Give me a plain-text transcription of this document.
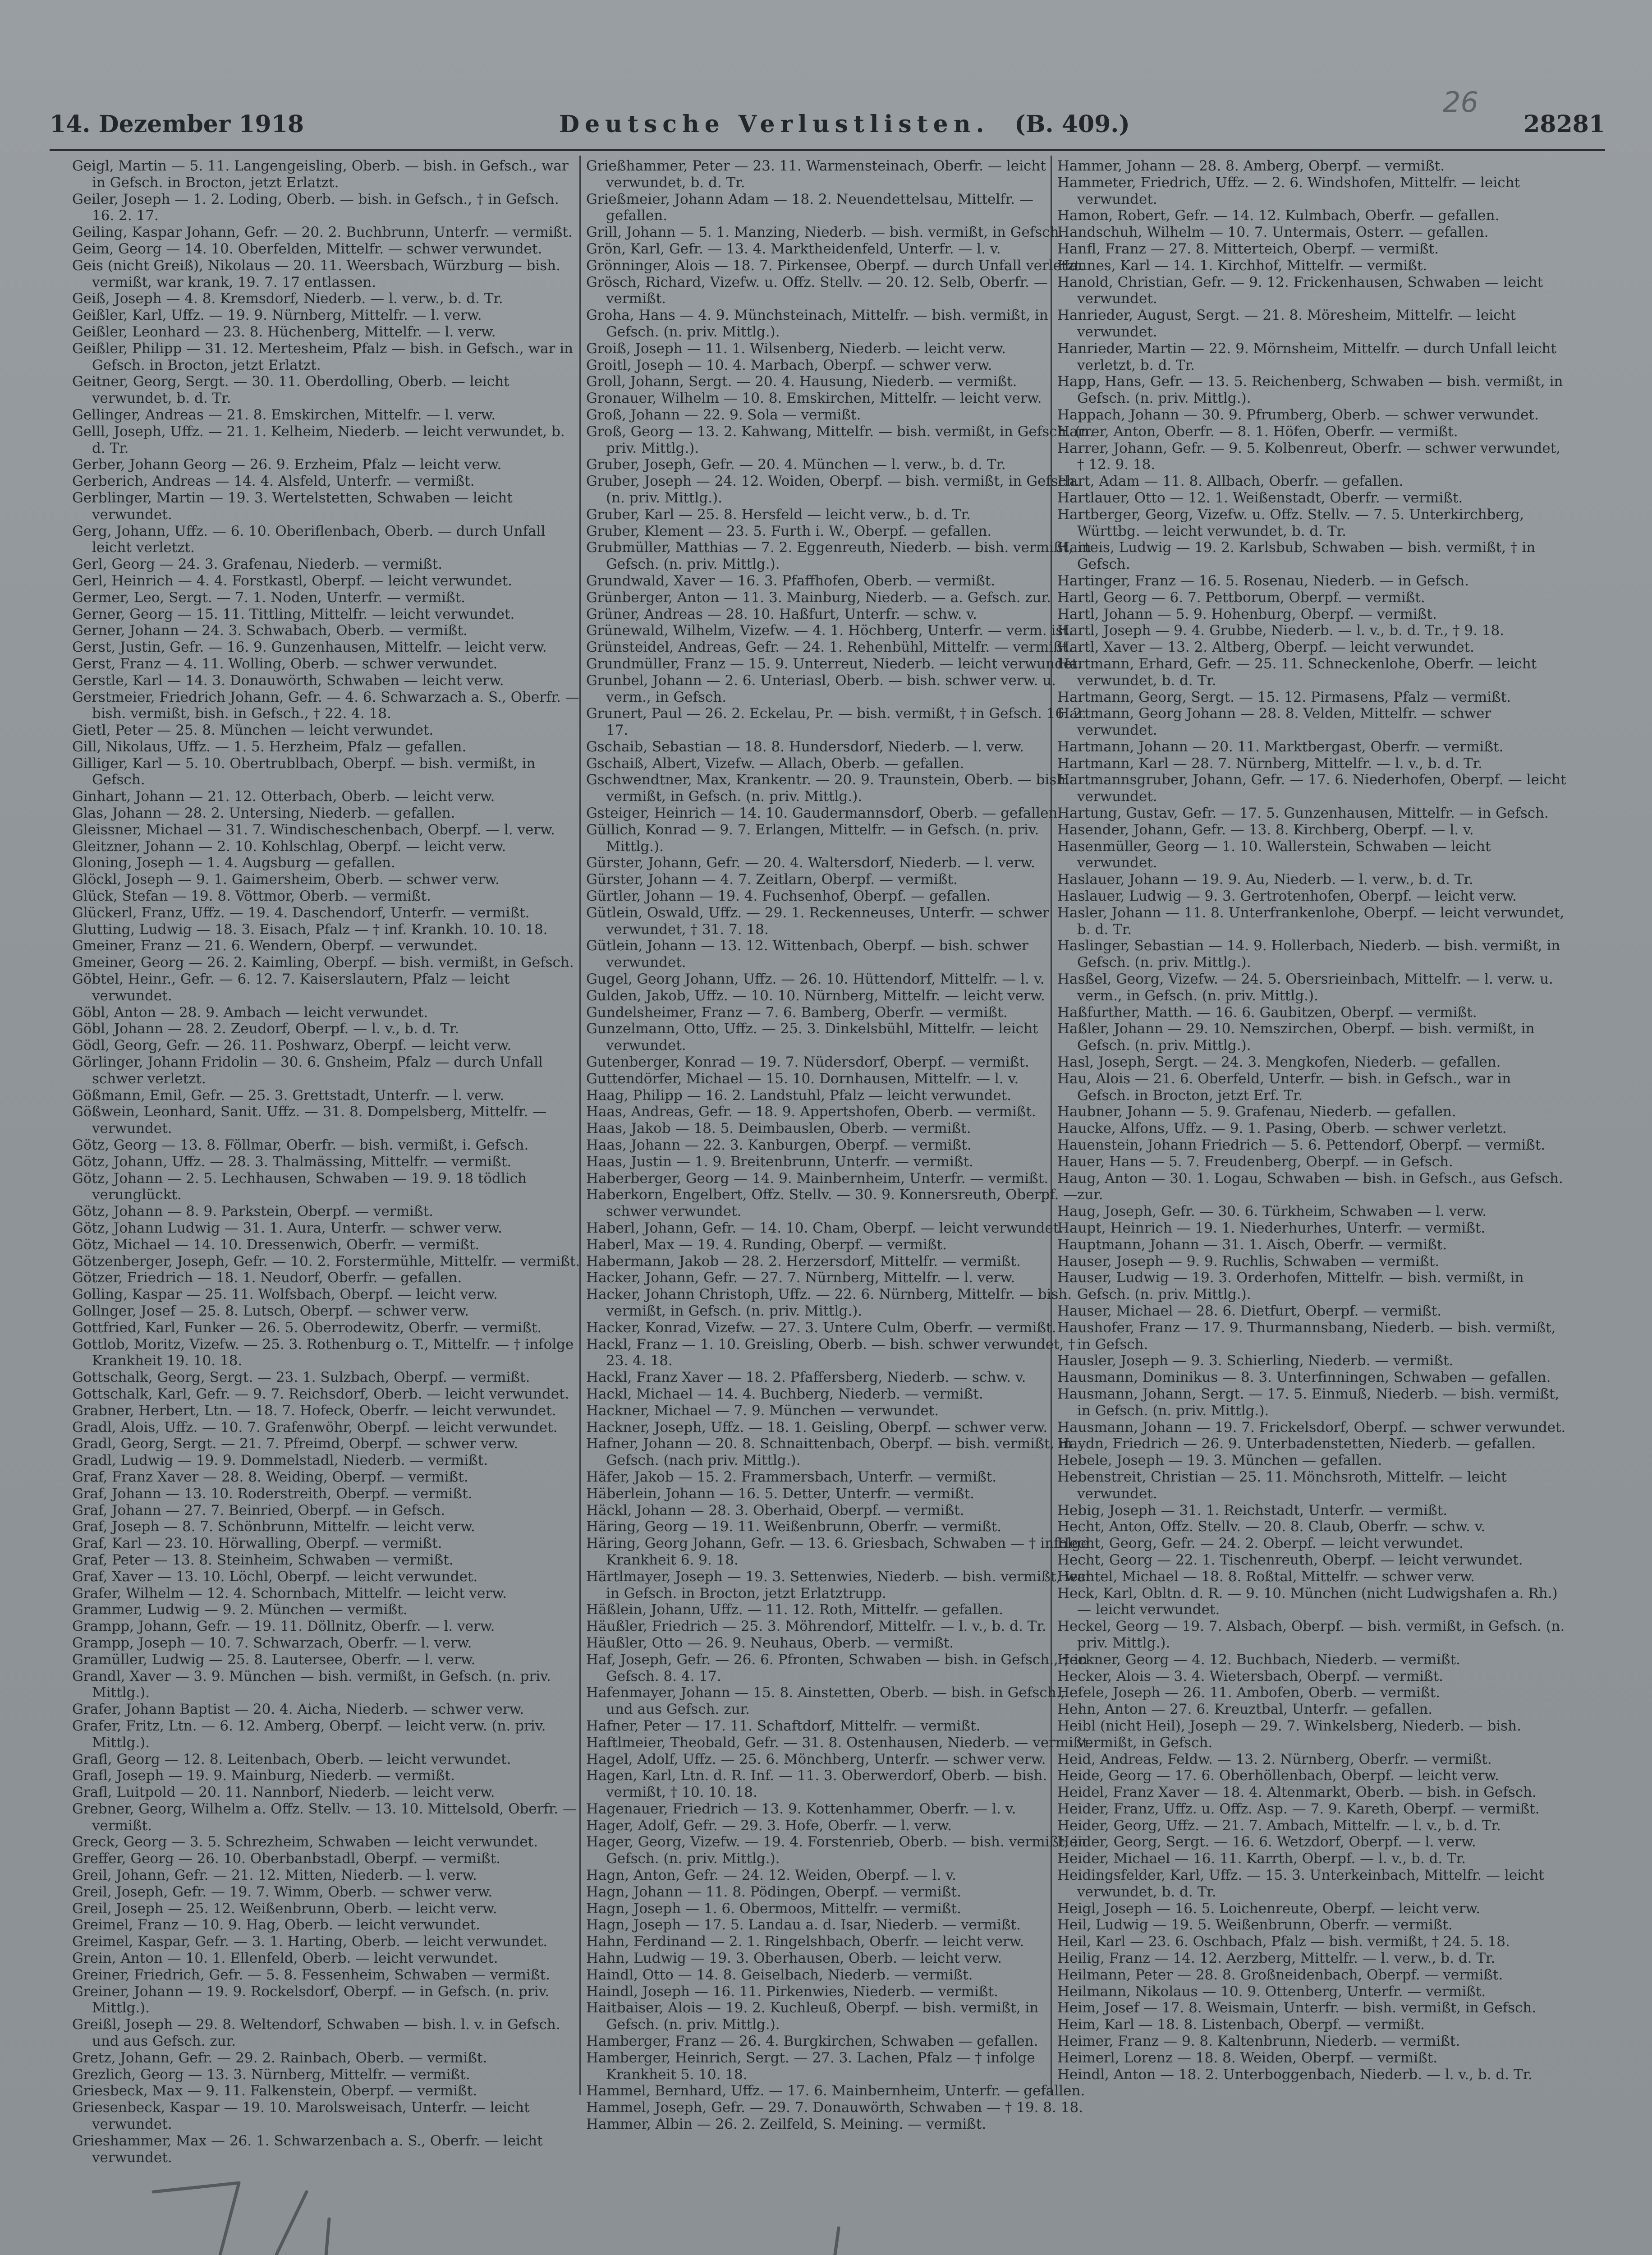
14. Dezember 1918	Deutsche Verlustlisten. (B. 409.)
26
28281

Geigl, Martin — 5. 11. Langengeisling, Oberb. — bish. in Gefsch., war in Gefsch. in Brocton, jetzt Erlatzt.

Geiler, Joseph — 1. 2. Loding, Oberb. — bish. in Gefsch., † in Gefsch. 16. 2. 17.

Geiling, Kaspar Johann, Gefr. — 20. 2. Buchbrunn, Unterfr. — vermißt.

Geim, Georg — 14. 10. Oberfelden, Mittelfr. — schwer verwundet.

Geis (nicht Greiß), Nikolaus — 20. 11. Weersbach, Würzburg — bish. vermißt, war krank, 19. 7. 17 entlassen.

Geiß, Joseph — 4. 8. Kremsdorf, Niederb. — l. verw., b. d. Tr.

Geißler, Karl, Uffz. — 19. 9. Nürnberg, Mittelfr. — l. verw.

Geißler, Leonhard — 23. 8. Hüchenberg, Mittelfr. — l. verw.

Geißler, Philipp — 31. 12. Mertesheim, Pfalz — bish. in Gefsch., war in Gefsch. in Brocton, jetzt Erlatzt.

Geitner, Georg, Sergt. — 30. 11. Oberdolling, Oberb. — leicht verwundet, b. d. Tr.

Gellinger, Andreas — 21. 8. Emskirchen, Mittelfr. — l. verw.

Gelll, Joseph, Uffz. — 21. 1. Kelheim, Niederb. — leicht verwundet, b. d. Tr.

Gerber, Johann Georg — 26. 9. Erzheim, Pfalz — leicht verw.

Gerberich, Andreas — 14. 4. Alsfeld, Unterfr. — vermißt.

Gerblinger, Martin — 19. 3. Wertelstetten, Schwaben — leicht verwundet.

Gerg, Johann, Uffz. — 6. 10. Oberiflenbach, Oberb. — durch Unfall leicht verletzt.

Gerl, Georg — 24. 3. Grafenau, Niederb. — vermißt.

Gerl, Heinrich — 4. 4. Forstkastl, Oberpf. — leicht verwundet.

Germer, Leo, Sergt. — 7. 1. Noden, Unterfr. — vermißt.

Gerner, Georg — 15. 11. Tittling, Mittelfr. — leicht verwundet.

Gerner, Johann — 24. 3. Schwabach, Oberb. — vermißt.

Gerst, Justin, Gefr. — 16. 9. Gunzenhausen, Mittelfr. — leicht verw.

Gerst, Franz — 4. 11. Wolling, Oberb. — schwer verwundet.

Gerstle, Karl — 14. 3. Donauwörth, Schwaben — leicht verw.

Gerstmeier, Friedrich Johann, Gefr. — 4. 6. Schwarzach a. S., Oberfr. — bish. vermißt, bish. in Gefsch., † 22. 4. 18.

Gietl, Peter — 25. 8. München — leicht verwundet.

Gill, Nikolaus, Uffz. — 1. 5. Herzheim, Pfalz — gefallen.

Gilliger, Karl — 5. 10. Obertrublbach, Oberpf. — bish. vermißt, in Gefsch.

Ginhart, Johann — 21. 12. Otterbach, Oberb. — leicht verw.

Glas, Johann — 28. 2. Untersing, Niederb. — gefallen.

Gleissner, Michael — 31. 7. Windischeschenbach, Oberpf. — l. verw.

Gleitzner, Johann — 2. 10. Kohlschlag, Oberpf. — leicht verw.

Gloning, Joseph — 1. 4. Augsburg — gefallen.

Glöckl, Joseph — 9. 1. Gaimersheim, Oberb. — schwer verw.

Glück, Stefan — 19. 8. Vöttmor, Oberb. — vermißt.

Glückerl, Franz, Uffz. — 19. 4. Daschendorf, Unterfr. — vermißt.

Glutting, Ludwig — 18. 3. Eisach, Pfalz — † inf. Krankh. 10. 10. 18.

Gmeiner, Franz — 21. 6. Wendern, Oberpf. — verwundet.

Gmeiner, Georg — 26. 2. Kaimling, Oberpf. — bish. vermißt, in Gefsch.

Göbtel, Heinr., Gefr. — 6. 12. 7. Kaiserslautern, Pfalz — leicht verwundet.

Göbl, Anton — 28. 9. Ambach — leicht verwundet.

Göbl, Johann — 28. 2. Zeudorf, Oberpf. — l. v., b. d. Tr.

Gödl, Georg, Gefr. — 26. 11. Poshwarz, Oberpf. — leicht verw.

Görlinger, Johann Fridolin — 30. 6. Gnsheim, Pfalz — durch Unfall schwer verletzt.

Gößmann, Emil, Gefr. — 25. 3. Grettstadt, Unterfr. — l. verw.

Gößwein, Leonhard, Sanit. Uffz. — 31. 8. Dompelsberg, Mittelfr. — verwundet.

Götz, Georg — 13. 8. Föllmar, Oberfr. — bish. vermißt, i. Gefsch.

Götz, Johann, Uffz. — 28. 3. Thalmässing, Mittelfr. — vermißt.

Götz, Johann — 2. 5. Lechhausen, Schwaben — 19. 9. 18 tödlich verunglückt.

Götz, Johann — 8. 9. Parkstein, Oberpf. — vermißt.

Götz, Johann Ludwig — 31. 1. Aura, Unterfr. — schwer verw.

Götz, Michael — 14. 10. Dressenwich, Oberfr. — vermißt.

Götzenberger, Joseph, Gefr. — 10. 2. Forstermühle, Mittelfr. — vermißt.

Götzer, Friedrich — 18. 1. Neudorf, Oberfr. — gefallen.

Golling, Kaspar — 25. 11. Wolfsbach, Oberpf. — leicht verw.

Gollnger, Josef — 25. 8. Lutsch, Oberpf. — schwer verw.

Gottfried, Karl, Funker — 26. 5. Oberrodewitz, Oberfr. — vermißt.

Gottlob, Moritz, Vizefw. — 25. 3. Rothenburg o. T., Mittelfr. — † infolge Krankheit 19. 10. 18.

Gottschalk, Georg, Sergt. — 23. 1. Sulzbach, Oberpf. — vermißt.

Gottschalk, Karl, Gefr. — 9. 7. Reichsdorf, Oberb. — leicht verwundet.

Grabner, Herbert, Ltn. — 18. 7. Hofeck, Oberfr. — leicht verwundet.

Gradl, Alois, Uffz. — 10. 7. Grafenwöhr, Oberpf. — leicht verwundet.

Gradl, Georg, Sergt. — 21. 7. Pfreimd, Oberpf. — schwer verw.

Gradl, Ludwig — 19. 9. Dommelstadl, Niederb. — vermißt.

Graf, Franz Xaver — 28. 8. Weiding, Oberpf. — vermißt.

Graf, Johann — 13. 10. Roderstreith, Oberpf. — vermißt.

Graf, Johann — 27. 7. Beinried, Oberpf. — in Gefsch.

Graf, Joseph — 8. 7. Schönbrunn, Mittelfr. — leicht verw.

Graf, Karl — 23. 10. Hörwalling, Oberpf. — vermißt.

Graf, Peter — 13. 8. Steinheim, Schwaben — vermißt.

Graf, Xaver — 13. 10. Löchl, Oberpf. — leicht verwundet.

Grafer, Wilhelm — 12. 4. Schornbach, Mittelfr. — leicht verw.

Grammer, Ludwig — 9. 2. München — vermißt.

Grampp, Johann, Gefr. — 19. 11. Döllnitz, Oberfr. — l. verw.

Grampp, Joseph — 10. 7. Schwarzach, Oberfr. — l. verw.

Gramüller, Ludwig — 25. 8. Lautersee, Oberfr. — l. verw.

Grandl, Xaver — 3. 9. München — bish. vermißt, in Gefsch. (n. priv. Mittlg.).

Grafer, Johann Baptist — 20. 4. Aicha, Niederb. — schwer verw.

Grafer, Fritz, Ltn. — 6. 12. Amberg, Oberpf. — leicht verw. (n. priv. Mittlg.).

Grafl, Georg — 12. 8. Leitenbach, Oberb. — leicht verwundet.

Grafl, Joseph — 19. 9. Mainburg, Niederb. — vermißt.

Grafl, Luitpold — 20. 11. Nannborf, Niederb. — leicht verw.

Grebner, Georg, Wilhelm a. Offz. Stellv. — 13. 10. Mittelsold, Oberfr. — vermißt.

Greck, Georg — 3. 5. Schrezheim, Schwaben — leicht verwundet.

Greffer, Georg — 26. 10. Oberbanbstadl, Oberpf. — vermißt.

Greil, Johann, Gefr. — 21. 12. Mitten, Niederb. — l. verw.

Greil, Joseph, Gefr. — 19. 7. Wimm, Oberb. — schwer verw.

Greil, Joseph — 25. 12. Weißenbrunn, Oberb. — leicht verw.

Greimel, Franz — 10. 9. Hag, Oberb. — leicht verwundet.

Greimel, Kaspar, Gefr. — 3. 1. Harting, Oberb. — leicht verwundet.

Grein, Anton — 10. 1. Ellenfeld, Oberb. — leicht verwundet.

Greiner, Friedrich, Gefr. — 5. 8. Fessenheim, Schwaben — vermißt.

Greiner, Johann — 19. 9. Rockelsdorf, Oberpf. — in Gefsch. (n. priv. Mittlg.).

Greißl, Joseph — 29. 8. Weltendorf, Schwaben — bish. l. v. in Gefsch. und aus Gefsch. zur.

Gretz, Johann, Gefr. — 29. 2. Rainbach, Oberb. — vermißt.

Grezlich, Georg — 13. 3. Nürnberg, Mittelfr. — vermißt.

Griesbeck, Max — 9. 11. Falkenstein, Oberpf. — vermißt.

Griesenbeck, Kaspar — 19. 10. Marolsweisach, Unterfr. — leicht verwundet.

Grieshammer, Max — 26. 1. Schwarzenbach a. S., Oberfr. — leicht verwundet.

Grießhammer, Peter — 23. 11. Warmensteinach, Oberfr. — leicht verwundet, b. d. Tr.

Grießmeier, Johann Adam — 18. 2. Neuendettelsau, Mittelfr. — gefallen.

Grill, Johann — 5. 1. Manzing, Niederb. — bish. vermißt, in Gefsch.

Grön, Karl, Gefr. — 13. 4. Marktheidenfeld, Unterfr. — l. v.

Grönninger, Alois — 18. 7. Pirkensee, Oberpf. — durch Unfall verletzt.

Grösch, Richard, Vizefw. u. Offz. Stellv. — 20. 12. Selb, Oberfr. — vermißt.

Groha, Hans — 4. 9. Münchsteinach, Mittelfr. — bish. vermißt, in Gefsch. (n. priv. Mittlg.).

Groiß, Joseph — 11. 1. Wilsenberg, Niederb. — leicht verw.

Groitl, Joseph — 10. 4. Marbach, Oberpf. — schwer verw.

Groll, Johann, Sergt. — 20. 4. Hausung, Niederb. — vermißt.

Gronauer, Wilhelm — 10. 8. Emskirchen, Mittelfr. — leicht verw.

Groß, Johann — 22. 9. Sola — vermißt.

Groß, Georg — 13. 2. Kahwang, Mittelfr. — bish. vermißt, in Gefsch. (n. priv. Mittlg.).

Gruber, Joseph, Gefr. — 20. 4. München — l. verw., b. d. Tr.

Gruber, Joseph — 24. 12. Woiden, Oberpf. — bish. vermißt, in Gefsch. (n. priv. Mittlg.).

Gruber, Karl — 25. 8. Hersfeld — leicht verw., b. d. Tr.

Gruber, Klement — 23. 5. Furth i. W., Oberpf. — gefallen.

Grubmüller, Matthias — 7. 2. Eggenreuth, Niederb. — bish. vermißt, in Gefsch. (n. priv. Mittlg.).

Grundwald, Xaver — 16. 3. Pfaffhofen, Oberb. — vermißt.

Grünberger, Anton — 11. 3. Mainburg, Niederb. — a. Gefsch. zur.

Grüner, Andreas — 28. 10. Haßfurt, Unterfr. — schw. v.

Grünewald, Wilhelm, Vizefw. — 4. 1. Höchberg, Unterfr. — verm. ist.

Grünsteidel, Andreas, Gefr. — 24. 1. Rehenbühl, Mittelfr. — vermißt.

Grundmüller, Franz — 15. 9. Unterreut, Niederb. — leicht verwundet.

Grunbel, Johann — 2. 6. Unteriasl, Oberb. — bish. schwer verw. u. verm., in Gefsch.

Grunert, Paul — 26. 2. Eckelau, Pr. — bish. vermißt, † in Gefsch. 16. 2. 17.

Gschaib, Sebastian — 18. 8. Hundersdorf, Niederb. — l. verw.

Gschaiß, Albert, Vizefw. — Allach, Oberb. — gefallen.

Gschwendtner, Max, Krankentr. — 20. 9. Traunstein, Oberb. — bish. vermißt, in Gefsch. (n. priv. Mittlg.).

Gsteiger, Heinrich — 14. 10. Gaudermannsdorf, Oberb. — gefallen.

Güllich, Konrad — 9. 7. Erlangen, Mittelfr. — in Gefsch. (n. priv. Mittlg.).

Gürster, Johann, Gefr. — 20. 4. Waltersdorf, Niederb. — l. verw.

Gürster, Johann — 4. 7. Zeitlarn, Oberpf. — vermißt.

Gürtler, Johann — 19. 4. Fuchsenhof, Oberpf. — gefallen.

Gütlein, Oswald, Uffz. — 29. 1. Reckenneuses, Unterfr. — schwer verwundet, † 31. 7. 18.

Gütlein, Johann — 13. 12. Wittenbach, Oberpf. — bish. schwer verwundet.

Gugel, Georg Johann, Uffz. — 26. 10. Hüttendorf, Mittelfr. — l. v.

Gulden, Jakob, Uffz. — 10. 10. Nürnberg, Mittelfr. — leicht verw.

Gundelsheimer, Franz — 7. 6. Bamberg, Oberfr. — vermißt.

Gunzelmann, Otto, Uffz. — 25. 3. Dinkelsbühl, Mittelfr. — leicht verwundet.

Gutenberger, Konrad — 19. 7. Nüdersdorf, Oberpf. — vermißt.

Guttendörfer, Michael — 15. 10. Dornhausen, Mittelfr. — l. v.

Haag, Philipp — 16. 2. Landstuhl, Pfalz — leicht verwundet.

Haas, Andreas, Gefr. — 18. 9. Appertshofen, Oberb. — vermißt.

Haas, Jakob — 18. 5. Deimbauslen, Oberb. — vermißt.

Haas, Johann — 22. 3. Kanburgen, Oberpf. — vermißt.

Haas, Justin — 1. 9. Breitenbrunn, Unterfr. — vermißt.

Haberberger, Georg — 14. 9. Mainbernheim, Unterfr. — vermißt.

Haberkorn, Engelbert, Offz. Stellv. — 30. 9. Konnersreuth, Oberpf. — schwer verwundet.

Haberl, Johann, Gefr. — 14. 10. Cham, Oberpf. — leicht verwundet.

Haberl, Max — 19. 4. Runding, Oberpf. — vermißt.

Habermann, Jakob — 28. 2. Herzersdorf, Mittelfr. — vermißt.

Hacker, Johann, Gefr. — 27. 7. Nürnberg, Mittelfr. — l. verw.

Hacker, Johann Christoph, Uffz. — 22. 6. Nürnberg, Mittelfr. — bish. vermißt, in Gefsch. (n. priv. Mittlg.).

Hacker, Konrad, Vizefw. — 27. 3. Untere Culm, Oberfr. — vermißt.

Hackl, Franz — 1. 10. Greisling, Oberb. — bish. schwer verwundet, † 23. 4. 18.

Hackl, Franz Xaver — 18. 2. Pfaffersberg, Niederb. — schw. v.

Hackl, Michael — 14. 4. Buchberg, Niederb. — vermißt.

Hackner, Michael — 7. 9. München — verwundet.

Hackner, Joseph, Uffz. — 18. 1. Geisling, Oberpf. — schwer verw.

Hafner, Johann — 20. 8. Schnaittenbach, Oberpf. — bish. vermißt, in Gefsch. (nach priv. Mittlg.).

Häfer, Jakob — 15. 2. Frammersbach, Unterfr. — vermißt.

Häberlein, Johann — 16. 5. Detter, Unterfr. — vermißt.

Häckl, Johann — 28. 3. Oberhaid, Oberpf. — vermißt.

Häring, Georg — 19. 11. Weißenbrunn, Oberfr. — vermißt.

Häring, Georg Johann, Gefr. — 13. 6. Griesbach, Schwaben — † infolge Krankheit 6. 9. 18.

Härtlmayer, Joseph — 19. 3. Settenwies, Niederb. — bish. vermißt, war in Gefsch. in Brocton, jetzt Erlatztrupp.

Häßlein, Johann, Uffz. — 11. 12. Roth, Mittelfr. — gefallen.

Häußler, Friedrich — 25. 3. Möhrendorf, Mittelfr. — l. v., b. d. Tr.

Häußler, Otto — 26. 9. Neuhaus, Oberb. — vermißt.

Haf, Joseph, Gefr. — 26. 6. Pfronten, Schwaben — bish. in Gefsch., † in Gefsch. 8. 4. 17.

Hafenmayer, Johann — 15. 8. Ainstetten, Oberb. — bish. in Gefsch., und aus Gefsch. zur.

Hafner, Peter — 17. 11. Schaftdorf, Mittelfr. — vermißt.

Haftlmeier, Theobald, Gefr. — 31. 8. Ostenhausen, Niederb. — vermißt.

Hagel, Adolf, Uffz. — 25. 6. Mönchberg, Unterfr. — schwer verw.

Hagen, Karl, Ltn. d. R. Inf. — 11. 3. Oberwerdorf, Oberb. — bish. vermißt, † 10. 10. 18.

Hagenauer, Friedrich — 13. 9. Kottenhammer, Oberfr. — l. v.

Hager, Adolf, Gefr. — 29. 3. Hofe, Oberfr. — l. verw.

Hager, Georg, Vizefw. — 19. 4. Forstenrieb, Oberb. — bish. vermißt, in Gefsch. (n. priv. Mittlg.).

Hagn, Anton, Gefr. — 24. 12. Weiden, Oberpf. — l. v.

Hagn, Johann — 11. 8. Pödingen, Oberpf. — vermißt.

Hagn, Joseph — 1. 6. Obermoos, Mittelfr. — vermißt.

Hagn, Joseph — 17. 5. Landau a. d. Isar, Niederb. — vermißt.

Hahn, Ferdinand — 2. 1. Ringelshbach, Oberfr. — leicht verw.

Hahn, Ludwig — 19. 3. Oberhausen, Oberb. — leicht verw.

Haindl, Otto — 14. 8. Geiselbach, Niederb. — vermißt.

Haindl, Joseph — 16. 11. Pirkenwies, Niederb. — vermißt.

Haitbaiser, Alois — 19. 2. Kuchleuß, Oberpf. — bish. vermißt, in Gefsch. (n. priv. Mittlg.).

Hamberger, Franz — 26. 4. Burgkirchen, Schwaben — gefallen.

Hamberger, Heinrich, Sergt. — 27. 3. Lachen, Pfalz — † infolge Krankheit 5. 10. 18.

Hammel, Bernhard, Uffz. — 17. 6. Mainbernheim, Unterfr. — gefallen.

Hammel, Joseph, Gefr. — 29. 7. Donauwörth, Schwaben — † 19. 8. 18.

Hammer, Albin — 26. 2. Zeilfeld, S. Meining. — vermißt.

Hammer, Johann — 28. 8. Amberg, Oberpf. — vermißt.

Hammeter, Friedrich, Uffz. — 2. 6. Windshofen, Mittelfr. — leicht verwundet.

Hamon, Robert, Gefr. — 14. 12. Kulmbach, Oberfr. — gefallen.

Handschuh, Wilhelm — 10. 7. Untermais, Osterr. — gefallen.

Hanfl, Franz — 27. 8. Mitterteich, Oberpf. — vermißt.

Hannes, Karl — 14. 1. Kirchhof, Mittelfr. — vermißt.

Hanold, Christian, Gefr. — 9. 12. Frickenhausen, Schwaben — leicht verwundet.

Hanrieder, August, Sergt. — 21. 8. Möresheim, Mittelfr. — leicht verwundet.

Hanrieder, Martin — 22. 9. Mörnsheim, Mittelfr. — durch Unfall leicht verletzt, b. d. Tr.

Happ, Hans, Gefr. — 13. 5. Reichenberg, Schwaben — bish. vermißt, in Gefsch. (n. priv. Mittlg.).

Happach, Johann — 30. 9. Pfrumberg, Oberb. — schwer verwundet.

Harrer, Anton, Oberfr. — 8. 1. Höfen, Oberfr. — vermißt.

Harrer, Johann, Gefr. — 9. 5. Kolbenreut, Oberfr. — schwer verwundet, † 12. 9. 18.

Hart, Adam — 11. 8. Allbach, Oberfr. — gefallen.

Hartlauer, Otto — 12. 1. Weißenstadt, Oberfr. — vermißt.

Hartberger, Georg, Vizefw. u. Offz. Stellv. — 7. 5. Unterkirchberg, Württbg. — leicht verwundet, b. d. Tr.

Harteis, Ludwig — 19. 2. Karlsbub, Schwaben — bish. vermißt, † in Gefsch.

Hartinger, Franz — 16. 5. Rosenau, Niederb. — in Gefsch.

Hartl, Georg — 6. 7. Pettborum, Oberpf. — vermißt.

Hartl, Johann — 5. 9. Hohenburg, Oberpf. — vermißt.

Hartl, Joseph — 9. 4. Grubbe, Niederb. — l. v., b. d. Tr., † 9. 18.

Hartl, Xaver — 13. 2. Altberg, Oberpf. — leicht verwundet.

Hartmann, Erhard, Gefr. — 25. 11. Schneckenlohe, Oberfr. — leicht verwundet, b. d. Tr.

Hartmann, Georg, Sergt. — 15. 12. Pirmasens, Pfalz — vermißt.

Hartmann, Georg Johann — 28. 8. Velden, Mittelfr. — schwer verwundet.

Hartmann, Johann — 20. 11. Marktbergast, Oberfr. — vermißt.

Hartmann, Karl — 28. 7. Nürnberg, Mittelfr. — l. v., b. d. Tr.

Hartmannsgruber, Johann, Gefr. — 17. 6. Niederhofen, Oberpf. — leicht verwundet.

Hartung, Gustav, Gefr. — 17. 5. Gunzenhausen, Mittelfr. — in Gefsch.

Hasender, Johann, Gefr. — 13. 8. Kirchberg, Oberpf. — l. v.

Hasenmüller, Georg — 1. 10. Wallerstein, Schwaben — leicht verwundet.

Haslauer, Johann — 19. 9. Au, Niederb. — l. verw., b. d. Tr.

Haslauer, Ludwig — 9. 3. Gertrotenhofen, Oberpf. — leicht verw.

Hasler, Johann — 11. 8. Unterfrankenlohe, Oberpf. — leicht verwundet, b. d. Tr.

Haslinger, Sebastian — 14. 9. Hollerbach, Niederb. — bish. vermißt, in Gefsch. (n. priv. Mittlg.).

Hasßel, Georg, Vizefw. — 24. 5. Obersrieinbach, Mittelfr. — l. verw. u. verm., in Gefsch. (n. priv. Mittlg.).

Haßfurther, Matth. — 16. 6. Gaubitzen, Oberpf. — vermißt.

Haßler, Johann — 29. 10. Nemszirchen, Oberpf. — bish. vermißt, in Gefsch. (n. priv. Mittlg.).

Hasl, Joseph, Sergt. — 24. 3. Mengkofen, Niederb. — gefallen.

Hau, Alois — 21. 6. Oberfeld, Unterfr. — bish. in Gefsch., war in Gefsch. in Brocton, jetzt Erf. Tr.

Haubner, Johann — 5. 9. Grafenau, Niederb. — gefallen.

Haucke, Alfons, Uffz. — 9. 1. Pasing, Oberb. — schwer verletzt.

Hauenstein, Johann Friedrich — 5. 6. Pettendorf, Oberpf. — vermißt.

Hauer, Hans — 5. 7. Freudenberg, Oberpf. — in Gefsch.

Haug, Anton — 30. 1. Logau, Schwaben — bish. in Gefsch., aus Gefsch. zur.

Haug, Joseph, Gefr. — 30. 6. Türkheim, Schwaben — l. verw.

Haupt, Heinrich — 19. 1. Niederhurhes, Unterfr. — vermißt.

Hauptmann, Johann — 31. 1. Aisch, Oberfr. — vermißt.

Hauser, Joseph — 9. 9. Ruchlis, Schwaben — vermißt.

Hauser, Ludwig — 19. 3. Orderhofen, Mittelfr. — bish. vermißt, in Gefsch. (n. priv. Mittlg.).

Hauser, Michael — 28. 6. Dietfurt, Oberpf. — vermißt.

Haushofer, Franz — 17. 9. Thurmannsbang, Niederb. — bish. vermißt, in Gefsch.

Hausler, Joseph — 9. 3. Schierling, Niederb. — vermißt.

Hausmann, Dominikus — 8. 3. Unterfinningen, Schwaben — gefallen.

Hausmann, Johann, Sergt. — 17. 5. Einmuß, Niederb. — bish. vermißt, in Gefsch. (n. priv. Mittlg.).

Hausmann, Johann — 19. 7. Frickelsdorf, Oberpf. — schwer verwundet.

Haydn, Friedrich — 26. 9. Unterbadenstetten, Niederb. — gefallen.

Hebele, Joseph — 19. 3. München — gefallen.

Hebenstreit, Christian — 25. 11. Mönchsroth, Mittelfr. — leicht verwundet.

Hebig, Joseph — 31. 1. Reichstadt, Unterfr. — vermißt.

Hecht, Anton, Offz. Stellv. — 20. 8. Claub, Oberfr. — schw. v.

Hecht, Georg, Gefr. — 24. 2. Oberpf. — leicht verwundet.

Hecht, Georg — 22. 1. Tischenreuth, Oberpf. — leicht verwundet.

Hechtel, Michael — 18. 8. Roßtal, Mittelfr. — schwer verw.

Heck, Karl, Obltn. d. R. — 9. 10. München (nicht Ludwigshafen a. Rh.) — leicht verwundet.

Heckel, Georg — 19. 7. Alsbach, Oberpf. — bish. vermißt, in Gefsch. (n. priv. Mittlg.).

Heckner, Georg — 4. 12. Buchbach, Niederb. — vermißt.

Hecker, Alois — 3. 4. Wietersbach, Oberpf. — vermißt.

Hefele, Joseph — 26. 11. Ambofen, Oberb. — vermißt.

Hehn, Anton — 27. 6. Kreuztbal, Unterfr. — gefallen.

Heibl (nicht Heil), Joseph — 29. 7. Winkelsberg, Niederb. — bish. vermißt, in Gefsch.

Heid, Andreas, Feldw. — 13. 2. Nürnberg, Oberfr. — vermißt.

Heide, Georg — 17. 6. Oberhöllenbach, Oberpf. — leicht verw.

Heidel, Franz Xaver — 18. 4. Altenmarkt, Oberb. — bish. in Gefsch.

Heider, Franz, Uffz. u. Offz. Asp. — 7. 9. Kareth, Oberpf. — vermißt.

Heider, Georg, Uffz. — 21. 7. Ambach, Mittelfr. — l. v., b. d. Tr.

Heider, Georg, Sergt. — 16. 6. Wetzdorf, Oberpf. — l. verw.

Heider, Michael — 16. 11. Karrth, Oberpf. — l. v., b. d. Tr.

Heidingsfelder, Karl, Uffz. — 15. 3. Unterkeinbach, Mittelfr. — leicht verwundet, b. d. Tr.

Heigl, Joseph — 16. 5. Loichenreute, Oberpf. — leicht verw.

Heil, Ludwig — 19. 5. Weißenbrunn, Oberfr. — vermißt.

Heil, Karl — 23. 6. Oschbach, Pfalz — bish. vermißt, † 24. 5. 18.

Heilig, Franz — 14. 12. Aerzberg, Mittelfr. — l. verw., b. d. Tr.

Heilmann, Peter — 28. 8. Großneidenbach, Oberpf. — vermißt.

Heilmann, Nikolaus — 10. 9. Ottenberg, Unterfr. — vermißt.

Heim, Josef — 17. 8. Weismain, Unterfr. — bish. vermißt, in Gefsch.

Heim, Karl — 18. 8. Listenbach, Oberpf. — vermißt.

Heimer, Franz — 9. 8. Kaltenbrunn, Niederb. — vermißt.

Heimerl, Lorenz — 18. 8. Weiden, Oberpf. — vermißt.

Heindl, Anton — 18. 2. Unterboggenbach, Niederb. — l. v., b. d. Tr.
